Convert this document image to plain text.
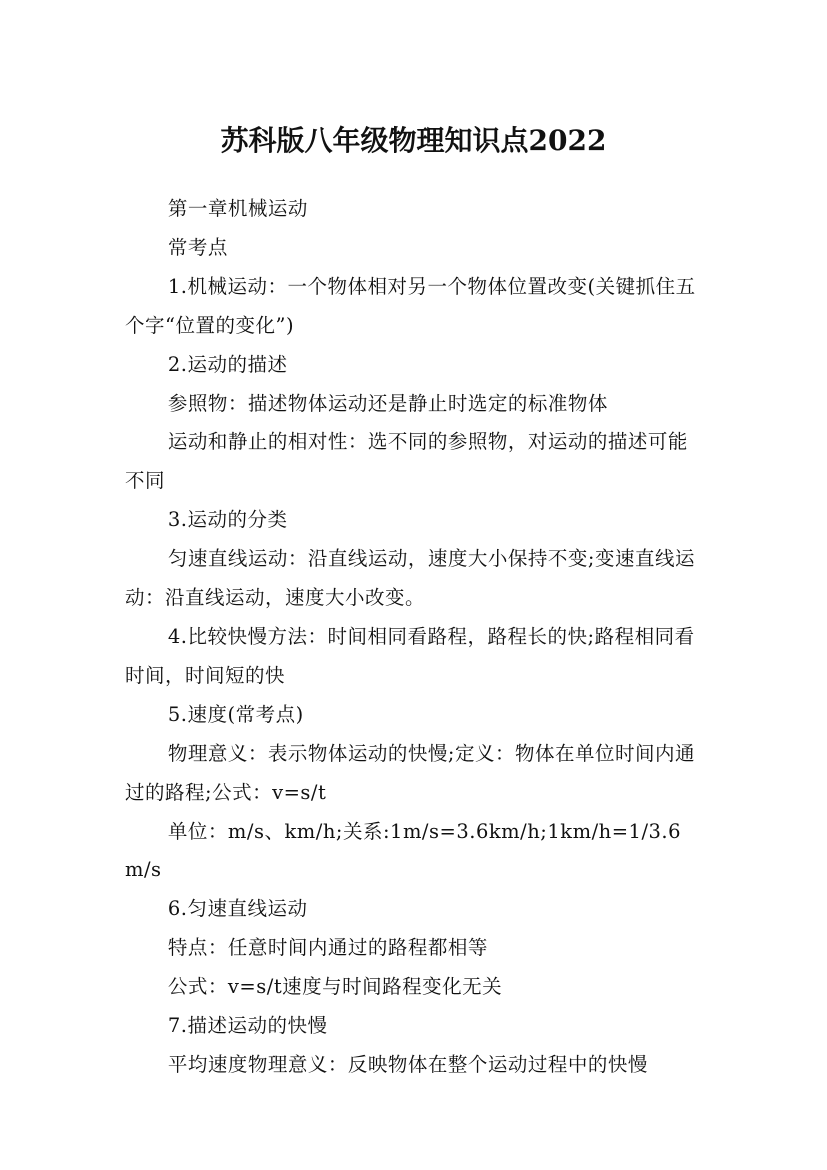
苏科版八年级物理知识点2022

第一章机械运动

常考点

1.机械运动：一个物体相对另一个物体位置改变(关键抓住五个字“位置的变化”)

2.运动的描述

参照物：描述物体运动还是静止时选定的标准物体

运动和静止的相对性：选不同的参照物，对运动的描述可能不同

3.运动的分类

匀速直线运动：沿直线运动，速度大小保持不变;变速直线运动：沿直线运动，速度大小改变。

4.比较快慢方法：时间相同看路程，路程长的快;路程相同看时间，时间短的快

5.速度(常考点)

物理意义：表示物体运动的快慢;定义：物体在单位时间内通过的路程;公式：v=s/t

单位：m/s、km/h;关系:1m/s=3.6km/h;1km/h=1/3.6m/s

6.匀速直线运动

特点：任意时间内通过的路程都相等

公式：v=s/t速度与时间路程变化无关

7.描述运动的快慢

平均速度物理意义：反映物体在整个运动过程中的快慢
